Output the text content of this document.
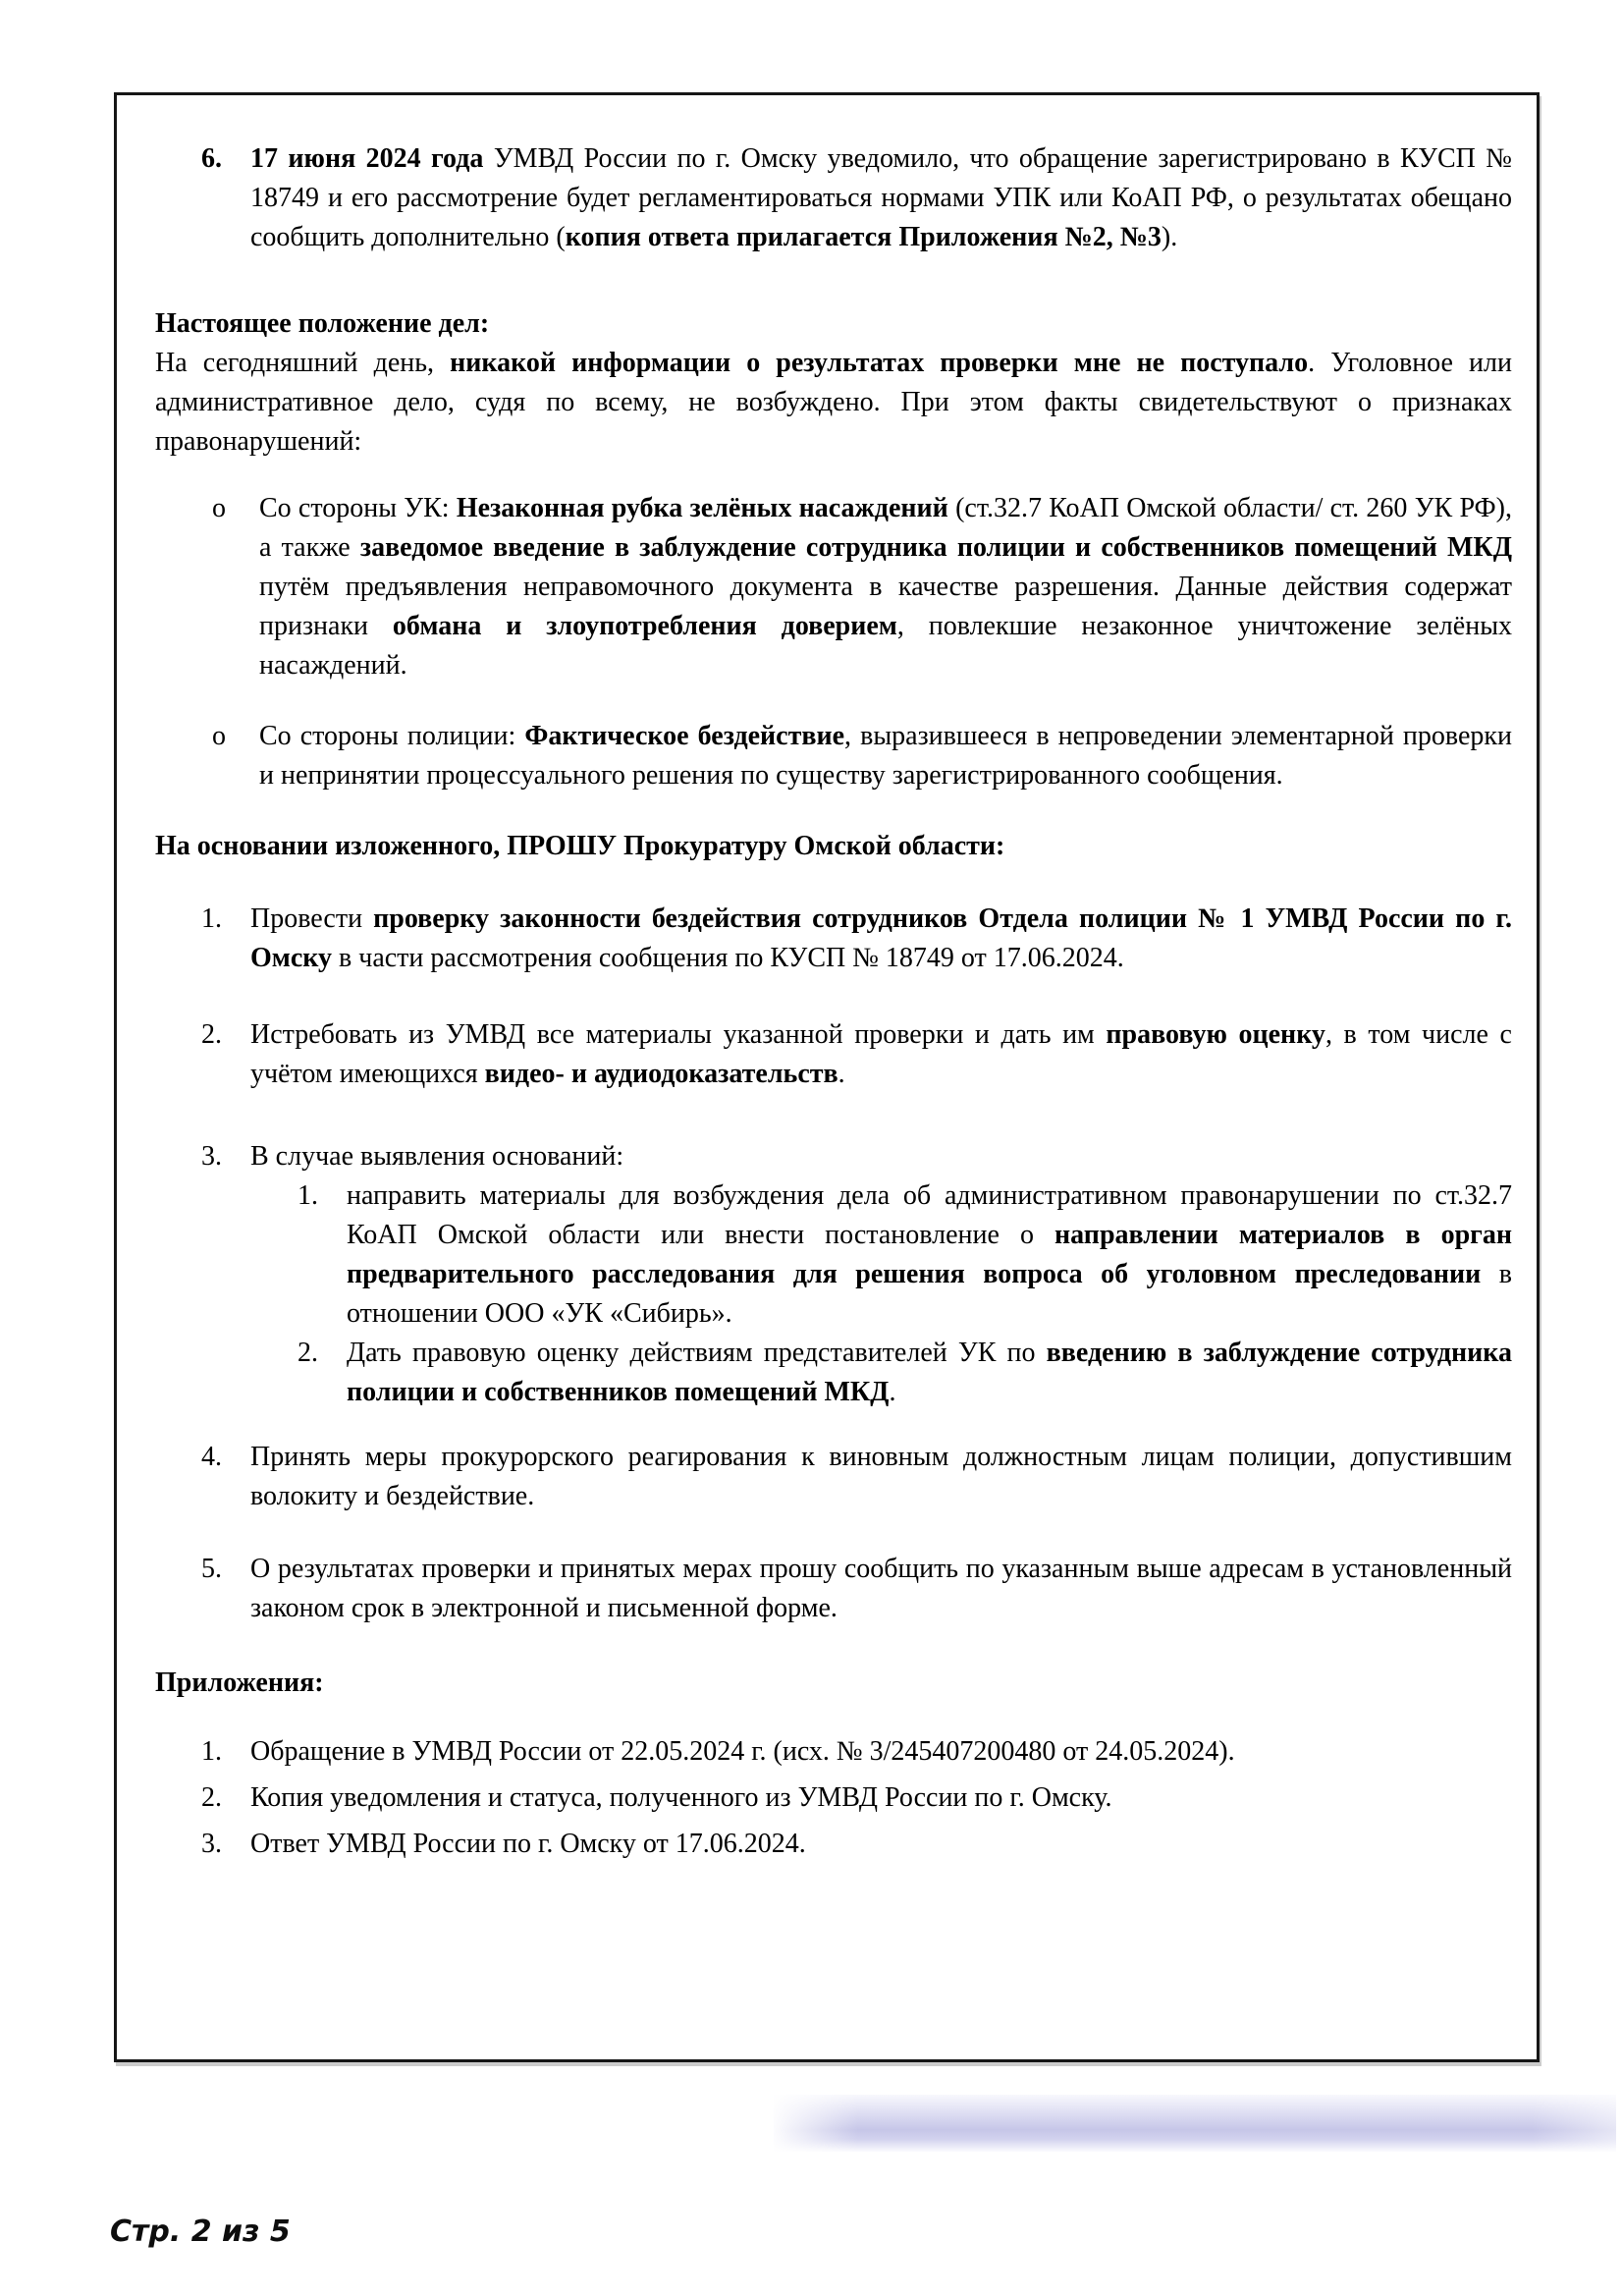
6.	17 июня 2024 года УМВД России по г. Омску уведомило, что обращение зарегистрировано в КУСП № 18749 и его рассмотрение будет регламентироваться нормами УПК или КоАП РФ, о результатах обещано сообщить дополнительно (копия ответа прилагается Приложения №2, №3).
Настоящее положение дел:
На сегодняшний день, никакой информации о результатах проверки мне не поступало. Уголовное или административное дело, судя по всему, не возбуждено. При этом факты свидетельствуют о признаках правонарушений:
o	Со стороны УК: Незаконная рубка зелёных насаждений (ст.32.7 КоАП Омской области/ ст. 260 УК РФ), а также заведомое введение в заблуждение сотрудника полиции и собственников помещений МКД путём предъявления неправомочного документа в качестве разрешения. Данные действия содержат признаки обмана и злоупотребления доверием, повлекшие незаконное уничтожение зелёных насаждений.
o	Со стороны полиции: Фактическое бездействие, выразившееся в непроведении элементарной проверки и непринятии процессуального решения по существу зарегистрированного сообщения.
На основании изложенного, ПРОШУ Прокуратуру Омской области:
1.	Провести проверку законности бездействия сотрудников Отдела полиции № 1 УМВД России по г. Омску в части рассмотрения сообщения по КУСП № 18749 от 17.06.2024.
2.	Истребовать из УМВД все материалы указанной проверки и дать им правовую оценку, в том числе с учётом имеющихся видео- и аудиодоказательств.
3.	В случае выявления оснований:
1.	направить материалы для возбуждения дела об административном правонарушении по ст.32.7 КоАП Омской области или внести постановление о направлении материалов в орган предварительного расследования для решения вопроса об уголовном преследовании в отношении ООО «УК «Сибирь».
2.	Дать правовую оценку действиям представителей УК по введению в заблуждение сотрудника полиции и собственников помещений МКД.
4.	Принять меры прокурорского реагирования к виновным должностным лицам полиции, допустившим волокиту и бездействие.
5.	О результатах проверки и принятых мерах прошу сообщить по указанным выше адресам в установленный законом срок в электронной и письменной форме.
Приложения:
1.	Обращение в УМВД России от 22.05.2024 г. (исх. № 3/245407200480 от 24.05.2024).
2.	Копия уведомления и статуса, полученного из УМВД России по г. Омску.
3.	Ответ УМВД России по г. Омску от 17.06.2024.
Стр. 2 из 5
